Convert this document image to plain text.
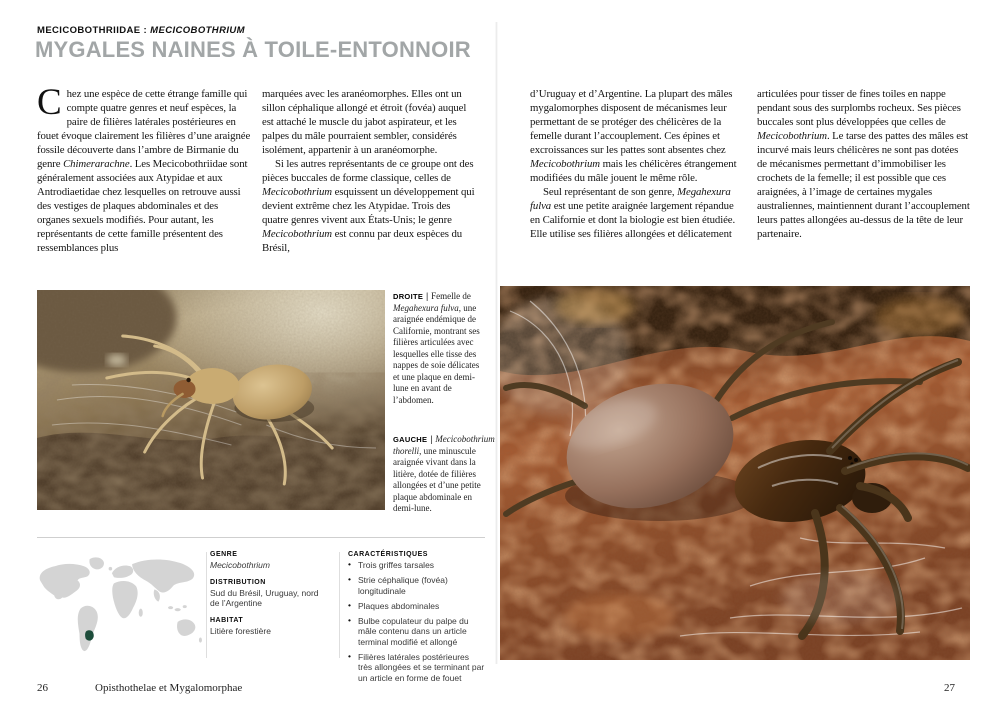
MECICOBOTHRIIDAE : MECICOBOTHRIUM
MYGALES NAINES À TOILE-ENTONNOIR

Chez une espèce de cette étrange famille qui compte quatre genres et neuf espèces, la paire de filières latérales postérieures en fouet évoque clairement les filières d’une araignée fossile découverte dans l’ambre de Birmanie du genre Chimerarachne. Les Mecicobothriidae sont généralement associées aux Atypidae et aux Antrodiaetidae chez lesquelles on retrouve aussi des vestiges de plaques abdominales et des organes sexuels modifiés. Pour autant, les représentants de cette famille présentent des ressemblances plus

marquées avec les aranéomorphes. Elles ont un sillon céphalique allongé et étroit (fovéa) auquel est attaché le muscle du jabot aspirateur, et les palpes du mâle pourraient sembler, considérés isolément, appartenir à un aranéomorphe.

Si les autres représentants de ce groupe ont des pièces buccales de forme classique, celles de Mecicobothrium esquissent un développement qui devient extrême chez les Atypidae. Trois des quatre genres vivent aux États-Unis; le genre Mecicobothrium est connu par deux espèces du Brésil,

d’Uruguay et d’Argentine. La plupart des mâles mygalomorphes disposent de mécanismes leur permettant de se protéger des chélicères de la femelle durant l’accouplement. Ces épines et excroissances sur les pattes sont absentes chez Mecicobothrium mais les chélicères étrangement modifiées du mâle jouent le même rôle.

Seul représentant de son genre, Megahexura fulva est une petite araignée largement répandue en Californie et dont la biologie est bien étudiée. Elle utilise ses filières allongées et délicatement

articulées pour tisser de fines toiles en nappe pendant sous des surplombs rocheux. Ses pièces buccales sont plus développées que celles de Mecicobothrium. Le tarse des pattes des mâles est incurvé mais leurs chélicères ne sont pas dotées de mécanismes permettant d’immobiliser les crochets de la femelle; il est possible que ces araignées, à l’image de certaines mygales australiennes, maintiennent durant l’accouplement leurs pattes allongées au-dessus de la tête de leur partenaire.

DROITE | Femelle de Megahexura fulva, une araignée endémique de Californie, montrant ses filières articulées avec lesquelles elle tisse des nappes de soie délicates et une plaque en demi-lune en avant de l’abdomen.
GAUCHE | Mecicobothrium thorelli, une minuscule araignée vivant dans la litière, dotée de filières allongées et d’une petite plaque abdominale en demi-lune.

GENRE

Mecicobothrium

DISTRIBUTION

Sud du Brésil, Uruguay, nord de l’Argentine

HABITAT

Litière forestière

CARACTÉRISTIQUES

• Trois griffes tarsales
• Strie céphalique (fovéa) longitudinale
• Plaques abdominales
• Bulbe copulateur du palpe du mâle contenu dans un article terminal modifié et allongé
• Filières latérales postérieures très allongées et se terminant par un article en forme de fouet
26	Opisthothelae et Mygalomorphae	27
